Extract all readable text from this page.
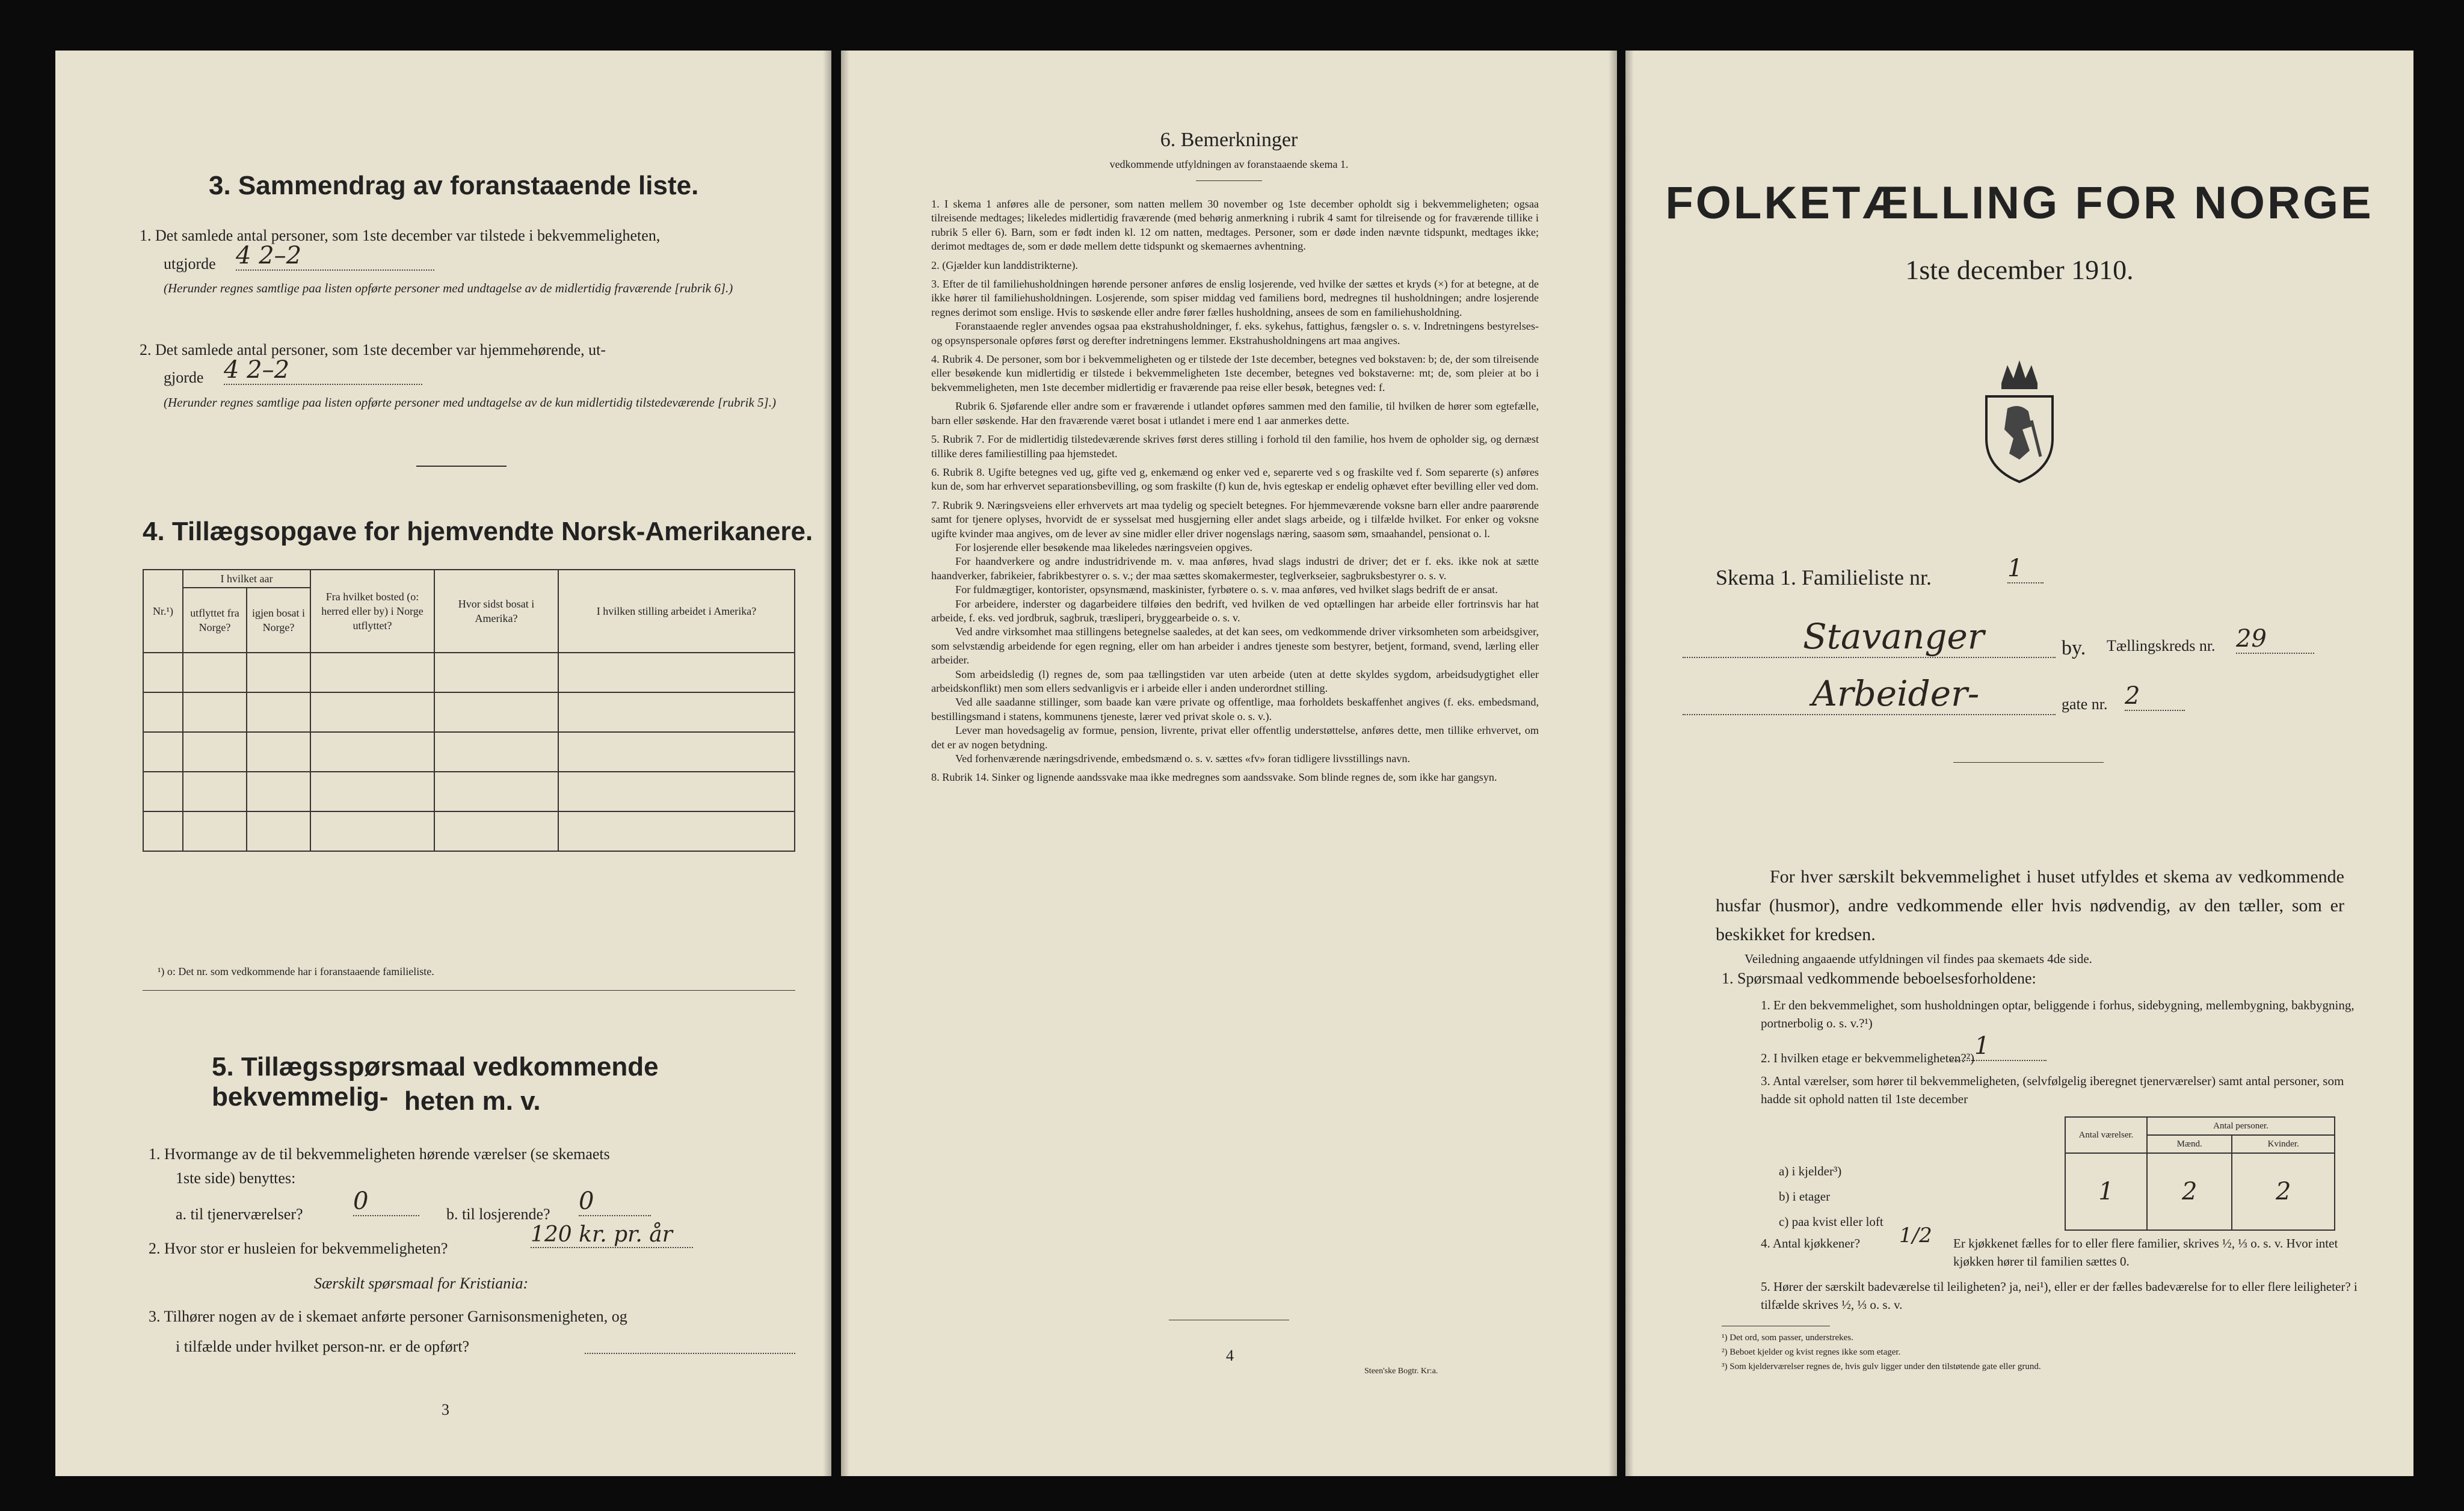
3. Sammendrag av foranstaaende liste.
1. Det samlede antal personer, som 1ste december var tilstede i bekvemmeligheten,
utgjorde 4 2–2
(Herunder regnes samtlige paa listen opførte personer med undtagelse av de midlertidig fraværende [rubrik 6].)
2. Det samlede antal personer, som 1ste december var hjemmehørende, ut-
gjorde 4 2–2
(Herunder regnes samtlige paa listen opførte personer med undtagelse av de kun midlertidig tilstedeværende [rubrik 5].)
4. Tillægsopgave for hjemvendte Norsk-Amerikanere.
Nr.¹)	I hvilket aar		Fra hvilket bosted (o: herred eller by) i Norge utflyttet?	Hvor sidst bosat i Amerika?	I hvilken stilling arbeidet i Amerika?
	utflyttet fra Norge?	igjen bosat i Norge?			

¹) o: Det nr. som vedkommende har i foranstaaende familieliste.
5. Tillægsspørsmaal vedkommende bekvemmelig- heten m. v.
1. Hvormange av de til bekvemmeligheten hørende værelser (se skemaets
1ste side) benyttes:
a. til tjenerværelser? 0	b. til losjerende? 0
2. Hvor stor er husleien for bekvemmeligheten?
120 kr. pr. år
Særskilt spørsmaal for Kristiania:
3. Tilhører nogen av de i skemaet anførte personer Garnisonsmenigheten, og
i tilfælde under hvilket person-nr. er de opført?
3
6. Bemerkninger
vedkommende utfyldningen av foranstaaende skema 1.

1. I skema 1 anføres alle de personer, som natten mellem 30 november og 1ste december opholdt sig i bekvemmeligheten; ogsaa tilreisende medtages; likeledes midlertidig fraværende (med behørig anmerkning i rubrik 4 samt for tilreisende og for fraværende tillike i rubrik 5 eller 6). Barn, som er født inden kl. 12 om natten, medtages. Personer, som er døde inden nævnte tidspunkt, medtages ikke; derimot medtages de, som er døde mellem dette tidspunkt og skemaernes avhentning.

2. (Gjælder kun landdistrikterne).

3. Efter de til familiehusholdningen hørende personer anføres de enslig losjerende, ved hvilke der sættes et kryds (×) for at betegne, at de ikke hører til familiehusholdningen. Losjerende, som spiser middag ved familiens bord, medregnes til husholdningen; andre losjerende regnes derimot som enslige. Hvis to søskende eller andre fører fælles husholdning, ansees de som en familiehusholdning.

Foranstaaende regler anvendes ogsaa paa ekstrahusholdninger, f. eks. sykehus, fattighus, fængsler o. s. v. Indretningens bestyrelses- og opsynspersonale opføres først og derefter indretningens lemmer. Ekstrahusholdningens art maa angives.

4. Rubrik 4. De personer, som bor i bekvemmeligheten og er tilstede der 1ste december, betegnes ved bokstaven: b; de, der som tilreisende eller besøkende kun midlertidig er tilstede i bekvemmeligheten 1ste december, betegnes ved bokstaverne: mt; de, som pleier at bo i bekvemmeligheten, men 1ste december midlertidig er fraværende paa reise eller besøk, betegnes ved: f.

Rubrik 6. Sjøfarende eller andre som er fraværende i utlandet opføres sammen med den familie, til hvilken de hører som egtefælle, barn eller søskende. Har den fraværende været bosat i utlandet i mere end 1 aar anmerkes dette.

5. Rubrik 7. For de midlertidig tilstedeværende skrives først deres stilling i forhold til den familie, hos hvem de opholder sig, og dernæst tillike deres familiestilling paa hjemstedet.

6. Rubrik 8. Ugifte betegnes ved ug, gifte ved g, enkemænd og enker ved e, separerte ved s og fraskilte ved f. Som separerte (s) anføres kun de, som har erhvervet separationsbevilling, og som fraskilte (f) kun de, hvis egteskap er endelig ophævet efter bevilling eller ved dom.

7. Rubrik 9. Næringsveiens eller erhvervets art maa tydelig og specielt betegnes. For hjemmeværende voksne barn eller andre paarørende samt for tjenere oplyses, hvorvidt de er sysselsat med husgjerning eller andet slags arbeide, og i tilfælde hvilket. For enker og voksne ugifte kvinder maa angives, om de lever av sine midler eller driver nogenslags næring, saasom søm, smaahandel, pensionat o. l.

For losjerende eller besøkende maa likeledes næringsveien opgives.

For haandverkere og andre industridrivende m. v. maa anføres, hvad slags industri de driver; det er f. eks. ikke nok at sætte haandverker, fabrikeier, fabrikbestyrer o. s. v.; der maa sættes skomakermester, teglverkseier, sagbruksbestyrer o. s. v.

For fuldmægtiger, kontorister, opsynsmænd, maskinister, fyrbøtere o. s. v. maa anføres, ved hvilket slags bedrift de er ansat.

For arbeidere, inderster og dagarbeidere tilføies den bedrift, ved hvilken de ved optællingen har arbeide eller fortrinsvis har hat arbeide, f. eks. ved jordbruk, sagbruk, træsliperi, bryggearbeide o. s. v.

Ved andre virksomhet maa stillingens betegnelse saaledes, at det kan sees, om vedkommende driver virksomheten som arbeidsgiver, som selvstændig arbeidende for egen regning, eller om han arbeider i andres tjeneste som bestyrer, betjent, formand, svend, lærling eller arbeider.

Som arbeidsledig (l) regnes de, som paa tællingstiden var uten arbeide (uten at dette skyldes sygdom, arbeidsudygtighet eller arbeidskonflikt) men som ellers sedvanligvis er i arbeide eller i anden underordnet stilling.

Ved alle saadanne stillinger, som baade kan være private og offentlige, maa forholdets beskaffenhet angives (f. eks. embedsmand, bestillingsmand i statens, kommunens tjeneste, lærer ved privat skole o. s. v.).

Lever man hovedsagelig av formue, pension, livrente, privat eller offentlig understøttelse, anføres dette, men tillike erhvervet, om det er av nogen betydning.

Ved forhenværende næringsdrivende, embedsmænd o. s. v. sættes «fv» foran tidligere livsstillings navn.

8. Rubrik 14. Sinker og lignende aandssvake maa ikke medregnes som aandssvake. Som blinde regnes de, som ikke har gangsyn.

4
Steen'ske Bogtr. Kr:a.
FOLKETÆLLING FOR NORGE
1ste december 1910.
Skema 1. Familieliste nr.	1
Stavanger	by. Tællingskreds nr. 29
Arbeider-	gate nr. 2
For hver særskilt bekvemmelighet i huset utfyldes et skema av vedkommende husfar (husmor), andre vedkommende eller hvis nødvendig, av den tæller, som er beskikket for kredsen.
Veiledning angaaende utfyldningen vil findes paa skemaets 4de side.
1. Spørsmaal vedkommende beboelsesforholdene:
1. Er den bekvemmelighet, som husholdningen optar, beliggende i forhus, sidebygning, mellembygning, bakbygning, portnerbolig o. s. v.?¹)
2. I hvilken etage er bekvemmeligheten?²) 1
3. Antal værelser, som hører til bekvemmeligheten, (selvfølgelig iberegnet tjenerværelser) samt antal personer, som hadde sit ophold natten til 1ste december
Antal værelser.	Antal personer.	
	Mænd.	Kvinder.
1	2	2
a) i kjelder³)
b) i etager
c) paa kvist eller loft
4. Antal kjøkkener? 1/2	Er kjøkkenet fælles for to eller flere familier, skrives ½, ⅓ o. s. v. Hvor intet kjøkken hører til familien sættes 0.
5. Hører der særskilt badeværelse til leiligheten? ja, nei¹), eller er der fælles badeværelse for to eller flere leiligheter? i tilfælde skrives ½, ⅓ o. s. v.
¹) Det ord, som passer, understrekes.
²) Beboet kjelder og kvist regnes ikke som etager.
³) Som kjelderværelser regnes de, hvis gulv ligger under den tilstøtende gate eller grund.
